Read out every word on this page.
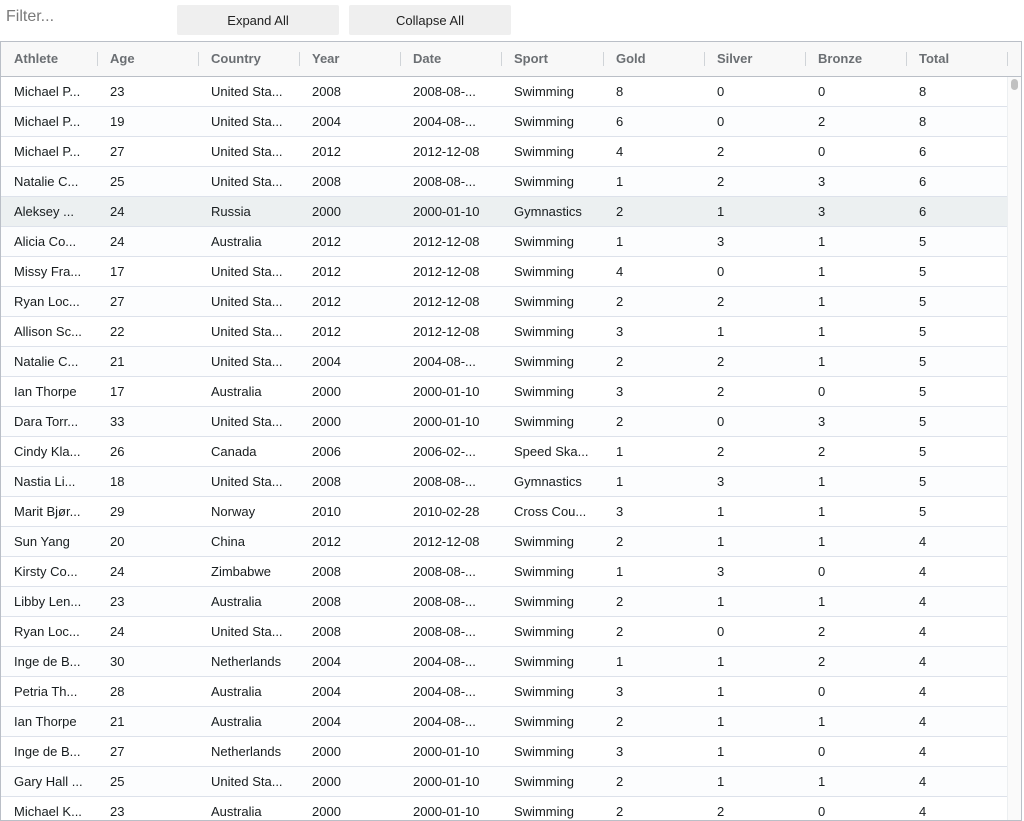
Filter...
Expand All	Collapse All
Athlete	Age	Country	Year	Date	Sport	Gold	Silver	Bronze	Total
Michael P...	23	United Sta...	2008	2008-08-...	Swimming	8	0	0	8
Michael P...	19	United Sta...	2004	2004-08-...	Swimming	6	0	2	8
Michael P...	27	United Sta...	2012	2012-12-08	Swimming	4	2	0	6
Natalie C...	25	United Sta...	2008	2008-08-...	Swimming	1	2	3	6
Aleksey ...	24	Russia	2000	2000-01-10	Gymnastics	2	1	3	6
Alicia Co...	24	Australia	2012	2012-12-08	Swimming	1	3	1	5
Missy Fra...	17	United Sta...	2012	2012-12-08	Swimming	4	0	1	5
Ryan Loc...	27	United Sta...	2012	2012-12-08	Swimming	2	2	1	5
Allison Sc...	22	United Sta...	2012	2012-12-08	Swimming	3	1	1	5
Natalie C...	21	United Sta...	2004	2004-08-...	Swimming	2	2	1	5
Ian Thorpe	17	Australia	2000	2000-01-10	Swimming	3	2	0	5
Dara Torr...	33	United Sta...	2000	2000-01-10	Swimming	2	0	3	5
Cindy Kla...	26	Canada	2006	2006-02-...	Speed Ska...	1	2	2	5
Nastia Li...	18	United Sta...	2008	2008-08-...	Gymnastics	1	3	1	5
Marit Bjør...	29	Norway	2010	2010-02-28	Cross Cou...	3	1	1	5
Sun Yang	20	China	2012	2012-12-08	Swimming	2	1	1	4
Kirsty Co...	24	Zimbabwe	2008	2008-08-...	Swimming	1	3	0	4
Libby Len...	23	Australia	2008	2008-08-...	Swimming	2	1	1	4
Ryan Loc...	24	United Sta...	2008	2008-08-...	Swimming	2	0	2	4
Inge de B...	30	Netherlands	2004	2004-08-...	Swimming	1	1	2	4
Petria Th...	28	Australia	2004	2004-08-...	Swimming	3	1	0	4
Ian Thorpe	21	Australia	2004	2004-08-...	Swimming	2	1	1	4
Inge de B...	27	Netherlands	2000	2000-01-10	Swimming	3	1	0	4
Gary Hall ...	25	United Sta...	2000	2000-01-10	Swimming	2	1	1	4
Michael K...	23	Australia	2000	2000-01-10	Swimming	2	2	0	4
